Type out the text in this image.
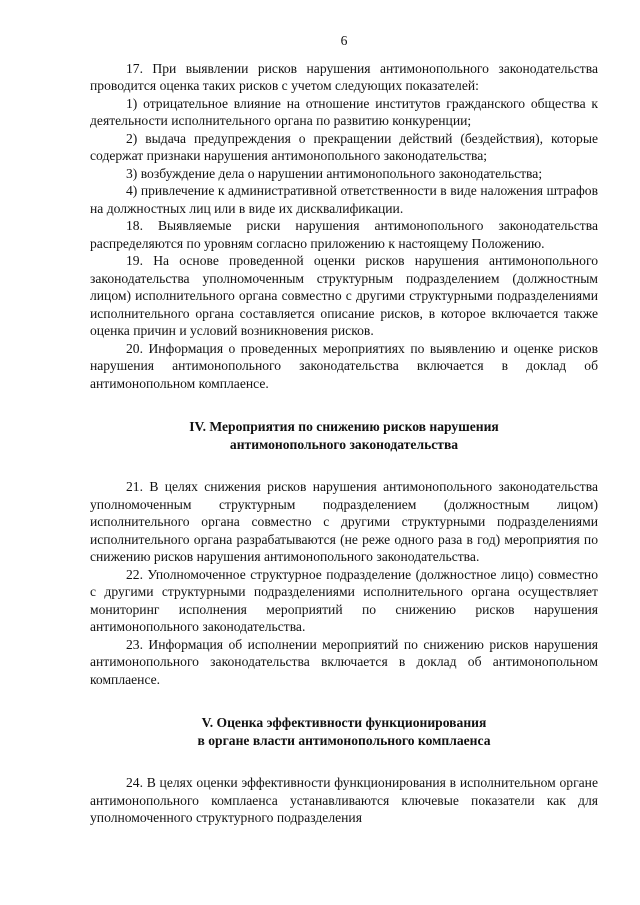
6

17. При выявлении рисков нарушения антимонопольного законодательства проводится оценка таких рисков с учетом следующих показателей:

1) отрицательное влияние на отношение институтов гражданского общества к деятельности исполнительного органа по развитию конкуренции;

2) выдача предупреждения о прекращении действий (бездействия), которые содержат признаки нарушения антимонопольного законодательства;

3) возбуждение дела о нарушении антимонопольного законодательства;

4) привлечение к административной ответственности в виде наложения штрафов на должностных лиц или в виде их дисквалификации.

18. Выявляемые риски нарушения антимонопольного законодательства распределяются по уровням согласно приложению к настоящему Положению.

19. На основе проведенной оценки рисков нарушения антимонопольного законодательства уполномоченным структурным подразделением (должностным лицом) исполнительного органа совместно с другими структурными подразделениями исполнительного органа составляется описание рисков, в которое включается также оценка причин и условий возникновения рисков.

20. Информация о проведенных мероприятиях по выявлению и оценке рисков нарушения антимонопольного законодательства включается в доклад об антимонопольном комплаенсе.

IV. Мероприятия по снижению рисков нарушения
антимонопольного законодательства

21. В целях снижения рисков нарушения антимонопольного законодательства уполномоченным структурным подразделением (должностным лицом) исполнительного органа совместно с другими структурными подразделениями исполнительного органа разрабатываются (не реже одного раза в год) мероприятия по снижению рисков нарушения антимонопольного законодательства.

22. Уполномоченное структурное подразделение (должностное лицо) совместно с другими структурными подразделениями исполнительного органа осуществляет мониторинг исполнения мероприятий по снижению рисков нарушения антимонопольного законодательства.

23. Информация об исполнении мероприятий по снижению рисков нарушения антимонопольного законодательства включается в доклад об антимонопольном комплаенсе.

V. Оценка эффективности функционирования
в органе власти антимонопольного комплаенса

24. В целях оценки эффективности функционирования в исполнительном органе антимонопольного комплаенса устанавливаются ключевые показатели как для уполномоченного структурного подразделения
